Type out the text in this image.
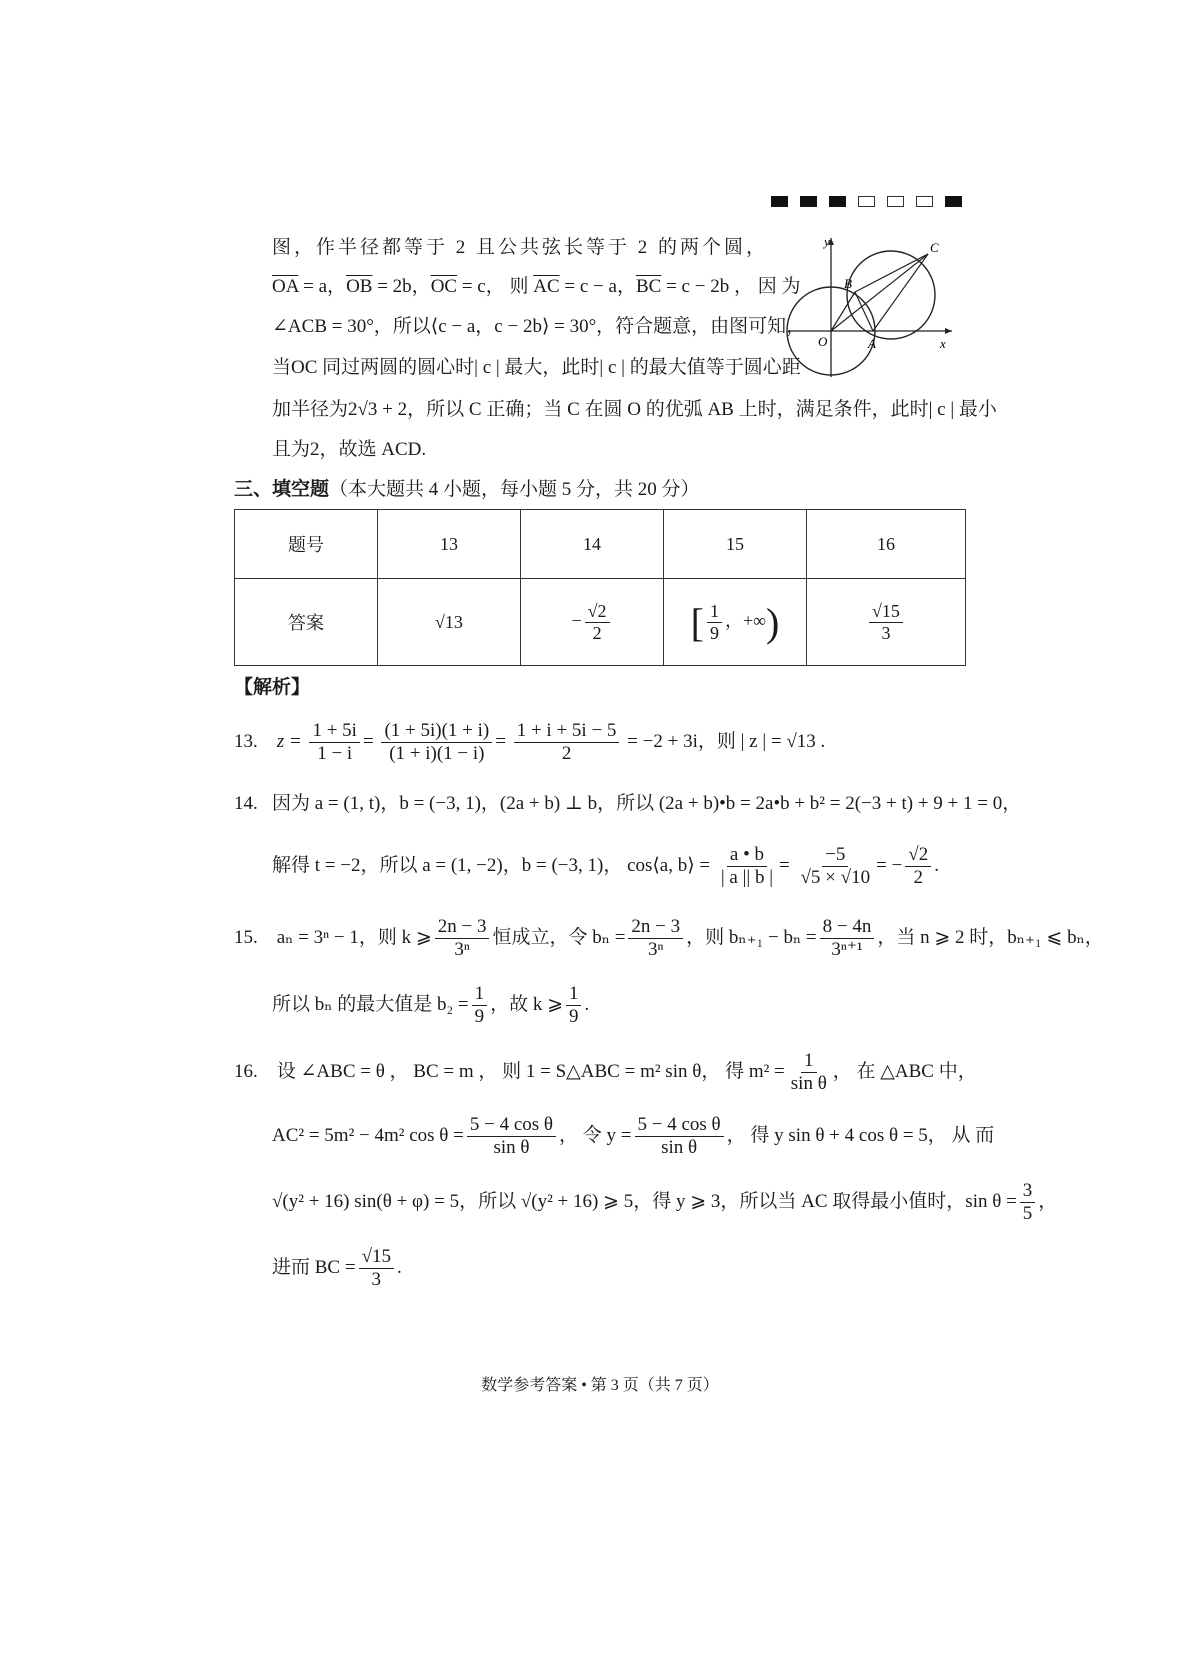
图，作半径都等于 2 且公共弦长等于 2 的两个圆，
$\overline{OA} = a$，$\overline{OB} = 2b$，$\overline{OC} = c$， 则 $\overline{AC} = c - a$，$\overline{BC} = c - 2b$ ， 因 为
∠ACB = 30°，所以⟨c − a，c − 2b⟩ = 30°，符合题意，由图可知，
当OC 同过两圆的圆心时| c | 最大，此时| c | 的最大值等于圆心距
加半径为2√3 + 2，所以 C 正确；当 C 在圆 O 的优弧 AB 上时，满足条件，此时| c | 最小
且为2，故选 ACD.
y
x
O	A
B
C
三、填空题（本大题共 4 小题，每小题 5 分，共 20 分）
题号	13	14	15	16
答案	√13	− $\frac{√2}{2}$	[ $\frac{1}{9}$ ，+∞)	$\frac{√15}{3}$
【解析】
13. $z = \frac{1 + 5i}{1 - i} = \frac{(1 + 5i)(1 + i)}{(1 + i)(1 - i)} = \frac{1 + i + 5i - 5}{2} = -2 + 3i$，则 | z | = √13 .
14. 因为 a = (1, t)，b = (−3, 1)，(2a + b) ⊥ b，所以 (2a + b)•b = 2a•b + b² = 2(−3 + t) + 9 + 1 = 0，
解得 t = −2，所以 a = (1, −2)，b = (−3, 1)， cos⟨a, b⟩ = $\frac{a • b}{| a || b |} = \frac{-5}{√5 \times √10}$ = − $\frac{√2}{2}$ .
15. aₙ = 3ⁿ − 1，则 k ⩾ $\frac{2n - 3}{\text{3ⁿ}}$ 恒成立，令 $b_n = \frac{2n - 3}{\text{3ⁿ}}$ ，则 $b_{n+1} - b_n = \frac{8 - 4n}{\text{3ⁿ⁺¹}}$ ，当 n ⩾ 2 时，bₙ₊₁ ⩽ bₙ，
所以 bₙ 的最大值是 $b_2 = \frac{1}{9}$ ，故 k ⩾ $\frac{1}{9}$ .
16. 设 ∠ABC = θ ， BC = m ， 则 1 = S△ABC = m² sin θ， 得 $m^2 = \frac{1}{\text{sin θ}}$ ， 在 △ABC 中，
AC² = 5m² − 4m² $\cos \theta = \frac{\text{5 − 4 cos θ}}{\text{sin θ}}$ ， 令 $y = \frac{\text{5 − 4 cos θ}}{\text{sin θ}}$ ， 得 y sin θ + 4 cos θ = 5， 从 而
√(y² + 16) sin(θ + φ) = 5，所以 √(y² + 16) ⩾ 5，得 y ⩾ 3，所以当 AC 取得最小值时，$\sin \theta = \frac{3}{5}$ ，
进而 BC = $\frac{√15}{3}$ .
数学参考答案 • 第 3 页（共 7 页）
